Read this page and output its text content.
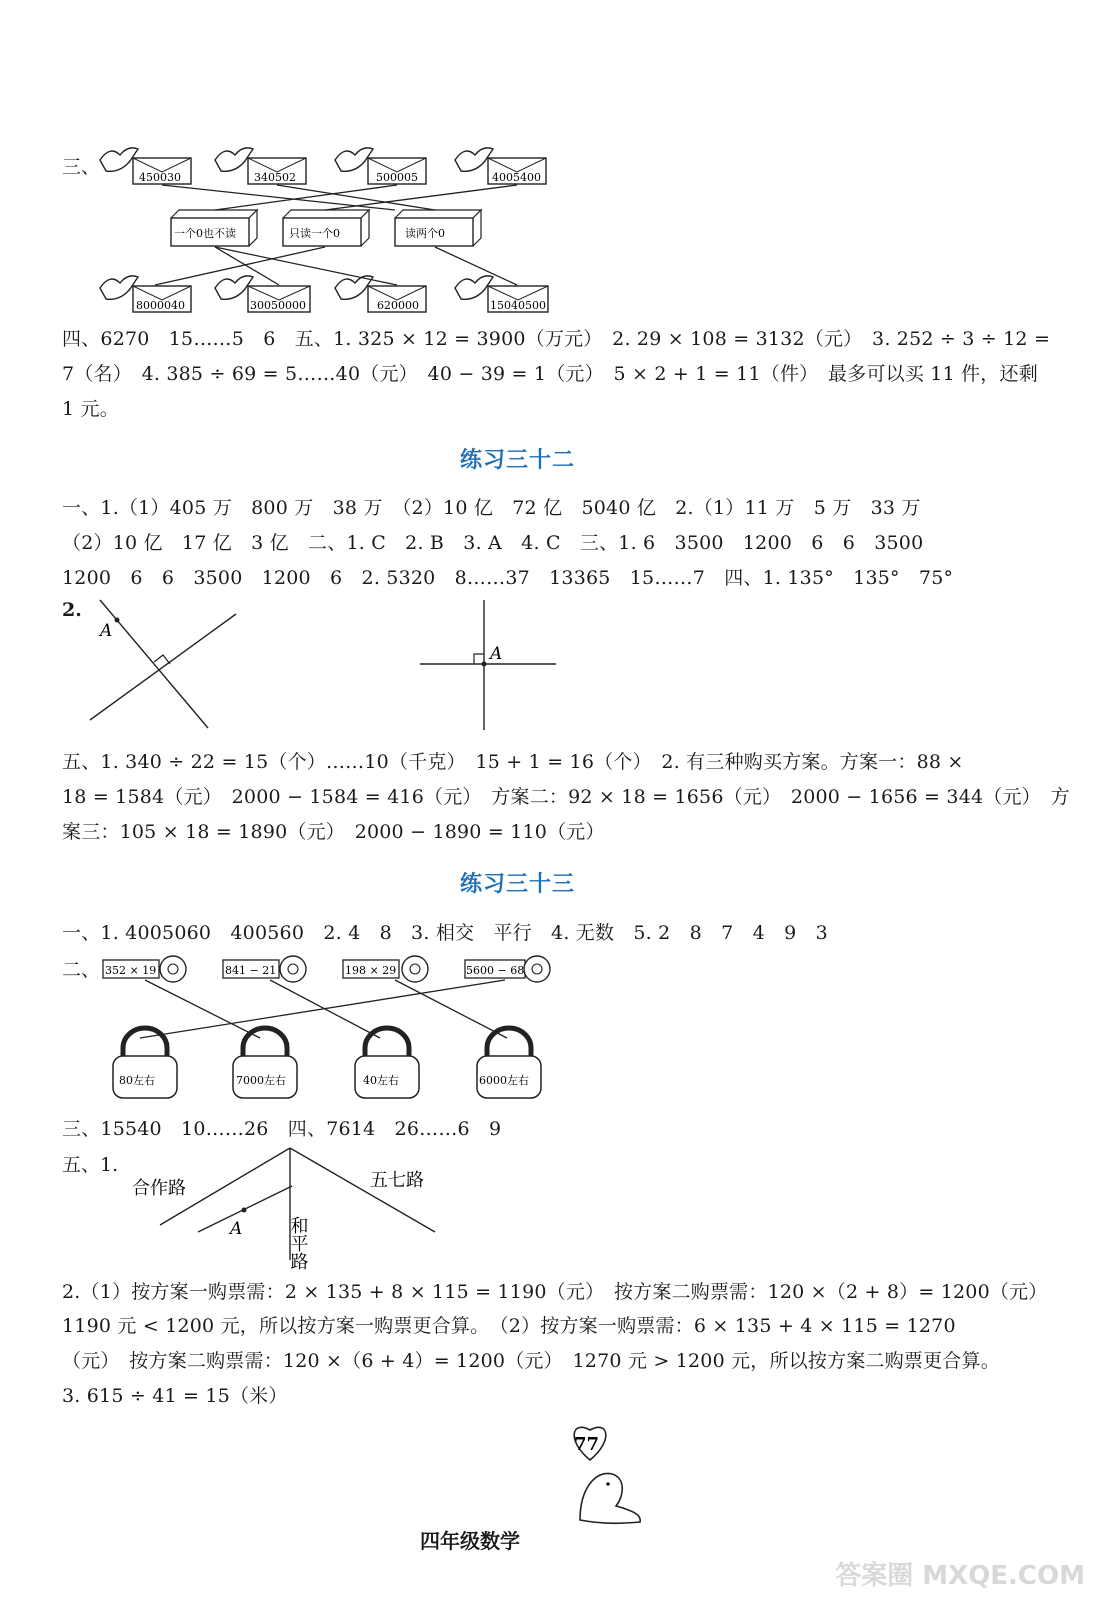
三、	450030	340502	500005	4005400
一个0也不读	只读一个0	读两个0
8000040	30050000	620000	15040500
四、6270　15……5　6　五、1. 325 × 12 = 3900（万元）　2. 29 × 108 = 3132（元）　3. 252 ÷ 3 ÷ 12 =
7（名）　4. 385 ÷ 69 = 5……40（元）　40 − 39 = 1（元）　5 × 2 + 1 = 11（件）　最多可以买 11 件，还剩
1 元。
练习三十二
一、1.（1）405 万　800 万　38 万　（2）10 亿　72 亿　5040 亿　2.（1）11 万　5 万　33 万
（2）10 亿　17 亿　3 亿　二、1. C　2. B　3. A　4. C　三、1. 6　3500　1200　6　6　3500
1200　6　6　3500　1200　6　2. 5320　8……37　13365　15……7　四、1. 135°　135°　75°
2.
A
A
五、1. 340 ÷ 22 = 15（个）……10（千克）　15 + 1 = 16（个）　2. 有三种购买方案。方案一：88 ×
18 = 1584（元）　2000 − 1584 = 416（元）　方案二：92 × 18 = 1656（元）　2000 − 1656 = 344（元）　方
案三：105 × 18 = 1890（元）　2000 − 1890 = 110（元）
练习三十三
一、1. 4005060　400560　2. 4　8　3. 相交　平行　4. 无数　5. 2　8　7　4　9　3
二、 352 × 19	841 − 21	198 × 29	5600 − 68
80左右	7000左右	40左右	6000左右
三、15540　10……26　四、7614　26……6　9
五、1.
A
合作路	五七路
和平路
2.（1）按方案一购票需：2 × 135 + 8 × 115 = 1190（元）　按方案二购票需：120 ×（2 + 8）= 1200（元）
1190 元 < 1200 元，所以按方案一购票更合算。　（2）按方案一购票需：6 × 135 + 4 × 115 = 1270
（元）　按方案二购票需：120 ×（6 + 4）= 1200（元）　1270 元 > 1200 元，所以按方案二购票更合算。
3. 615 ÷ 41 = 15（米）
77
四年级数学
答案圈 MXQE.COM
